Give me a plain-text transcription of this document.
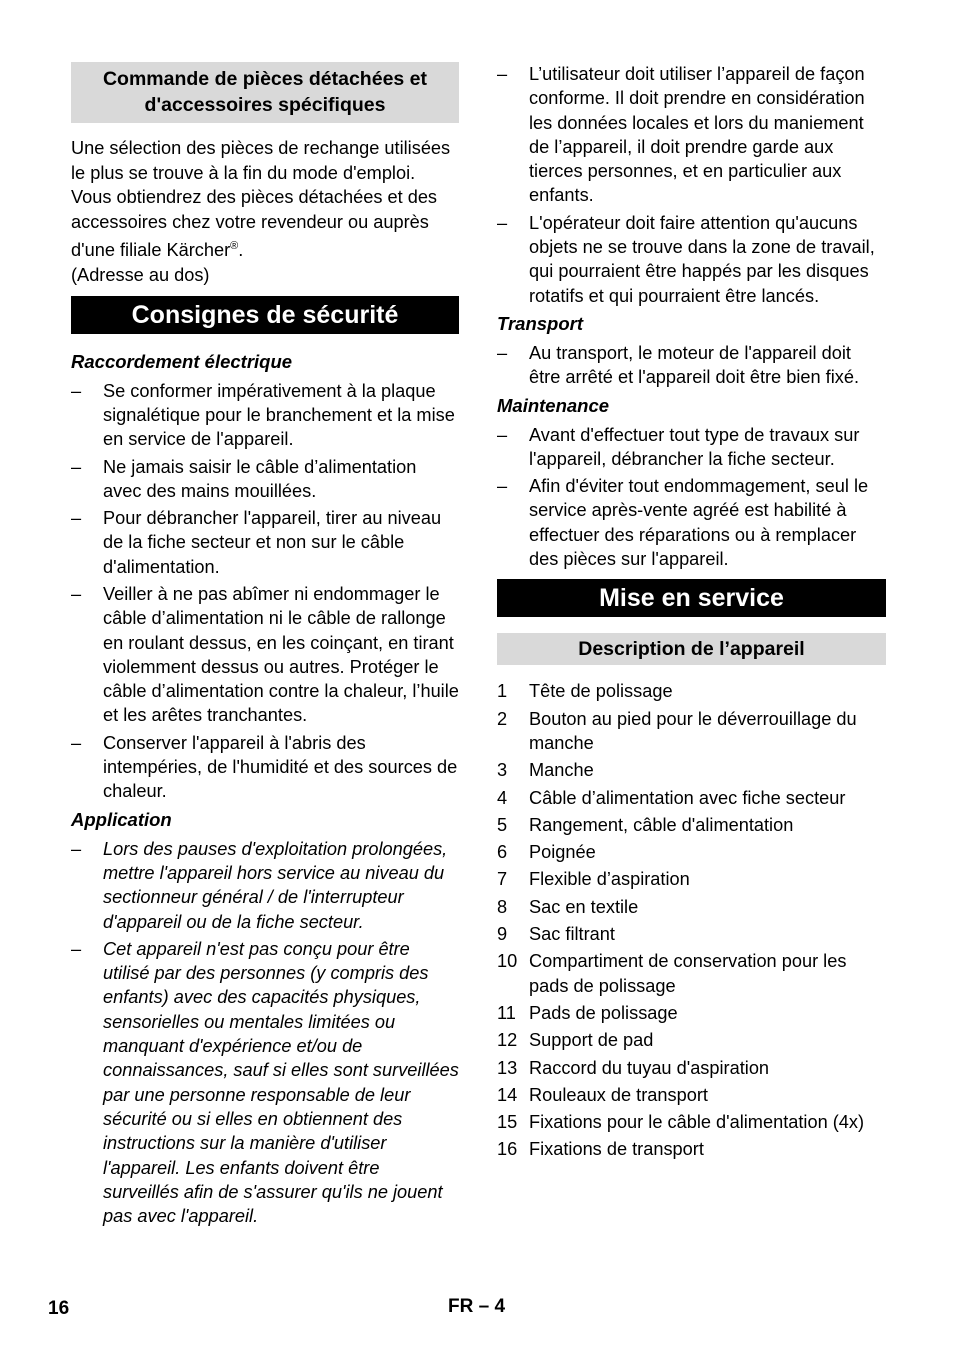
Commande de pièces détachées et d'accessoires spécifiques

Une sélection des pièces de rechange utilisées le plus se trouve à la fin du mode d'emploi.

Vous obtiendrez des pièces détachées et des accessoires chez votre revendeur ou auprès d'une filiale Kärcher®.

(Adresse au dos)

Consignes de sécurité
Raccordement électrique
– Se conformer impérativement à la plaque signalétique pour le branchement et la mise en service de l'appareil.
– Ne jamais saisir le câble d’alimentation avec des mains mouillées.
– Pour débrancher l'appareil, tirer au niveau de la fiche secteur et non sur le câble d'alimentation.
– Veiller à ne pas abîmer ni endommager le câble d’alimentation ni le câble de rallonge en roulant dessus, en les coinçant, en tirant violemment dessus ou autres. Protéger le câble d’alimentation contre la chaleur, l’huile et les arêtes tranchantes.
– Conserver l'appareil à l'abris des intempéries, de l'humidité et des sources de chaleur.
Application
– Lors des pauses d'exploitation prolongées, mettre l'appareil hors service au niveau du sectionneur général / de l'interrupteur d'appareil ou de la fiche secteur.
– Cet appareil n'est pas conçu pour être utilisé par des personnes (y compris des enfants) avec des capacités physiques, sensorielles ou mentales limitées ou manquant d'expérience et/ou de connaissances, sauf si elles sont surveillées par une personne responsable de leur sécurité ou si elles en obtiennent des instructions sur la manière d'utiliser l'appareil. Les enfants doivent être surveillés afin de s'assurer qu'ils ne jouent pas avec l'appareil.
– L’utilisateur doit utiliser l’appareil de façon conforme. Il doit prendre en considération les données locales et lors du maniement de l’appareil, il doit prendre garde aux tierces personnes, et en particulier aux enfants.
– L'opérateur doit faire attention qu'aucuns objets ne se trouve dans la zone de travail, qui pourraient être happés par les disques rotatifs et qui pourraient être lancés.
Transport
– Au transport, le moteur de l'appareil doit être arrêté et l'appareil doit être bien fixé.
Maintenance
– Avant d'effectuer tout type de travaux sur l'appareil, débrancher la fiche secteur.
– Afin d'éviter tout endommagement, seul le service après-vente agréé est habilité à effectuer des réparations ou à remplacer des pièces sur l'appareil.
Mise en service
Description de l’appareil
1 Tête de polissage
2 Bouton au pied pour le déverrouillage du manche
3 Manche
4 Câble d’alimentation avec fiche secteur
5 Rangement, câble d'alimentation
6 Poignée
7 Flexible d’aspiration
8 Sac en textile
9 Sac filtrant
10 Compartiment de conservation pour les pads de polissage
11 Pads de polissage
12 Support de pad
13 Raccord du tuyau d'aspiration
14 Rouleaux de transport
15 Fixations pour le câble d'alimentation (4x)
16 Fixations de transport
16	FR – 4
